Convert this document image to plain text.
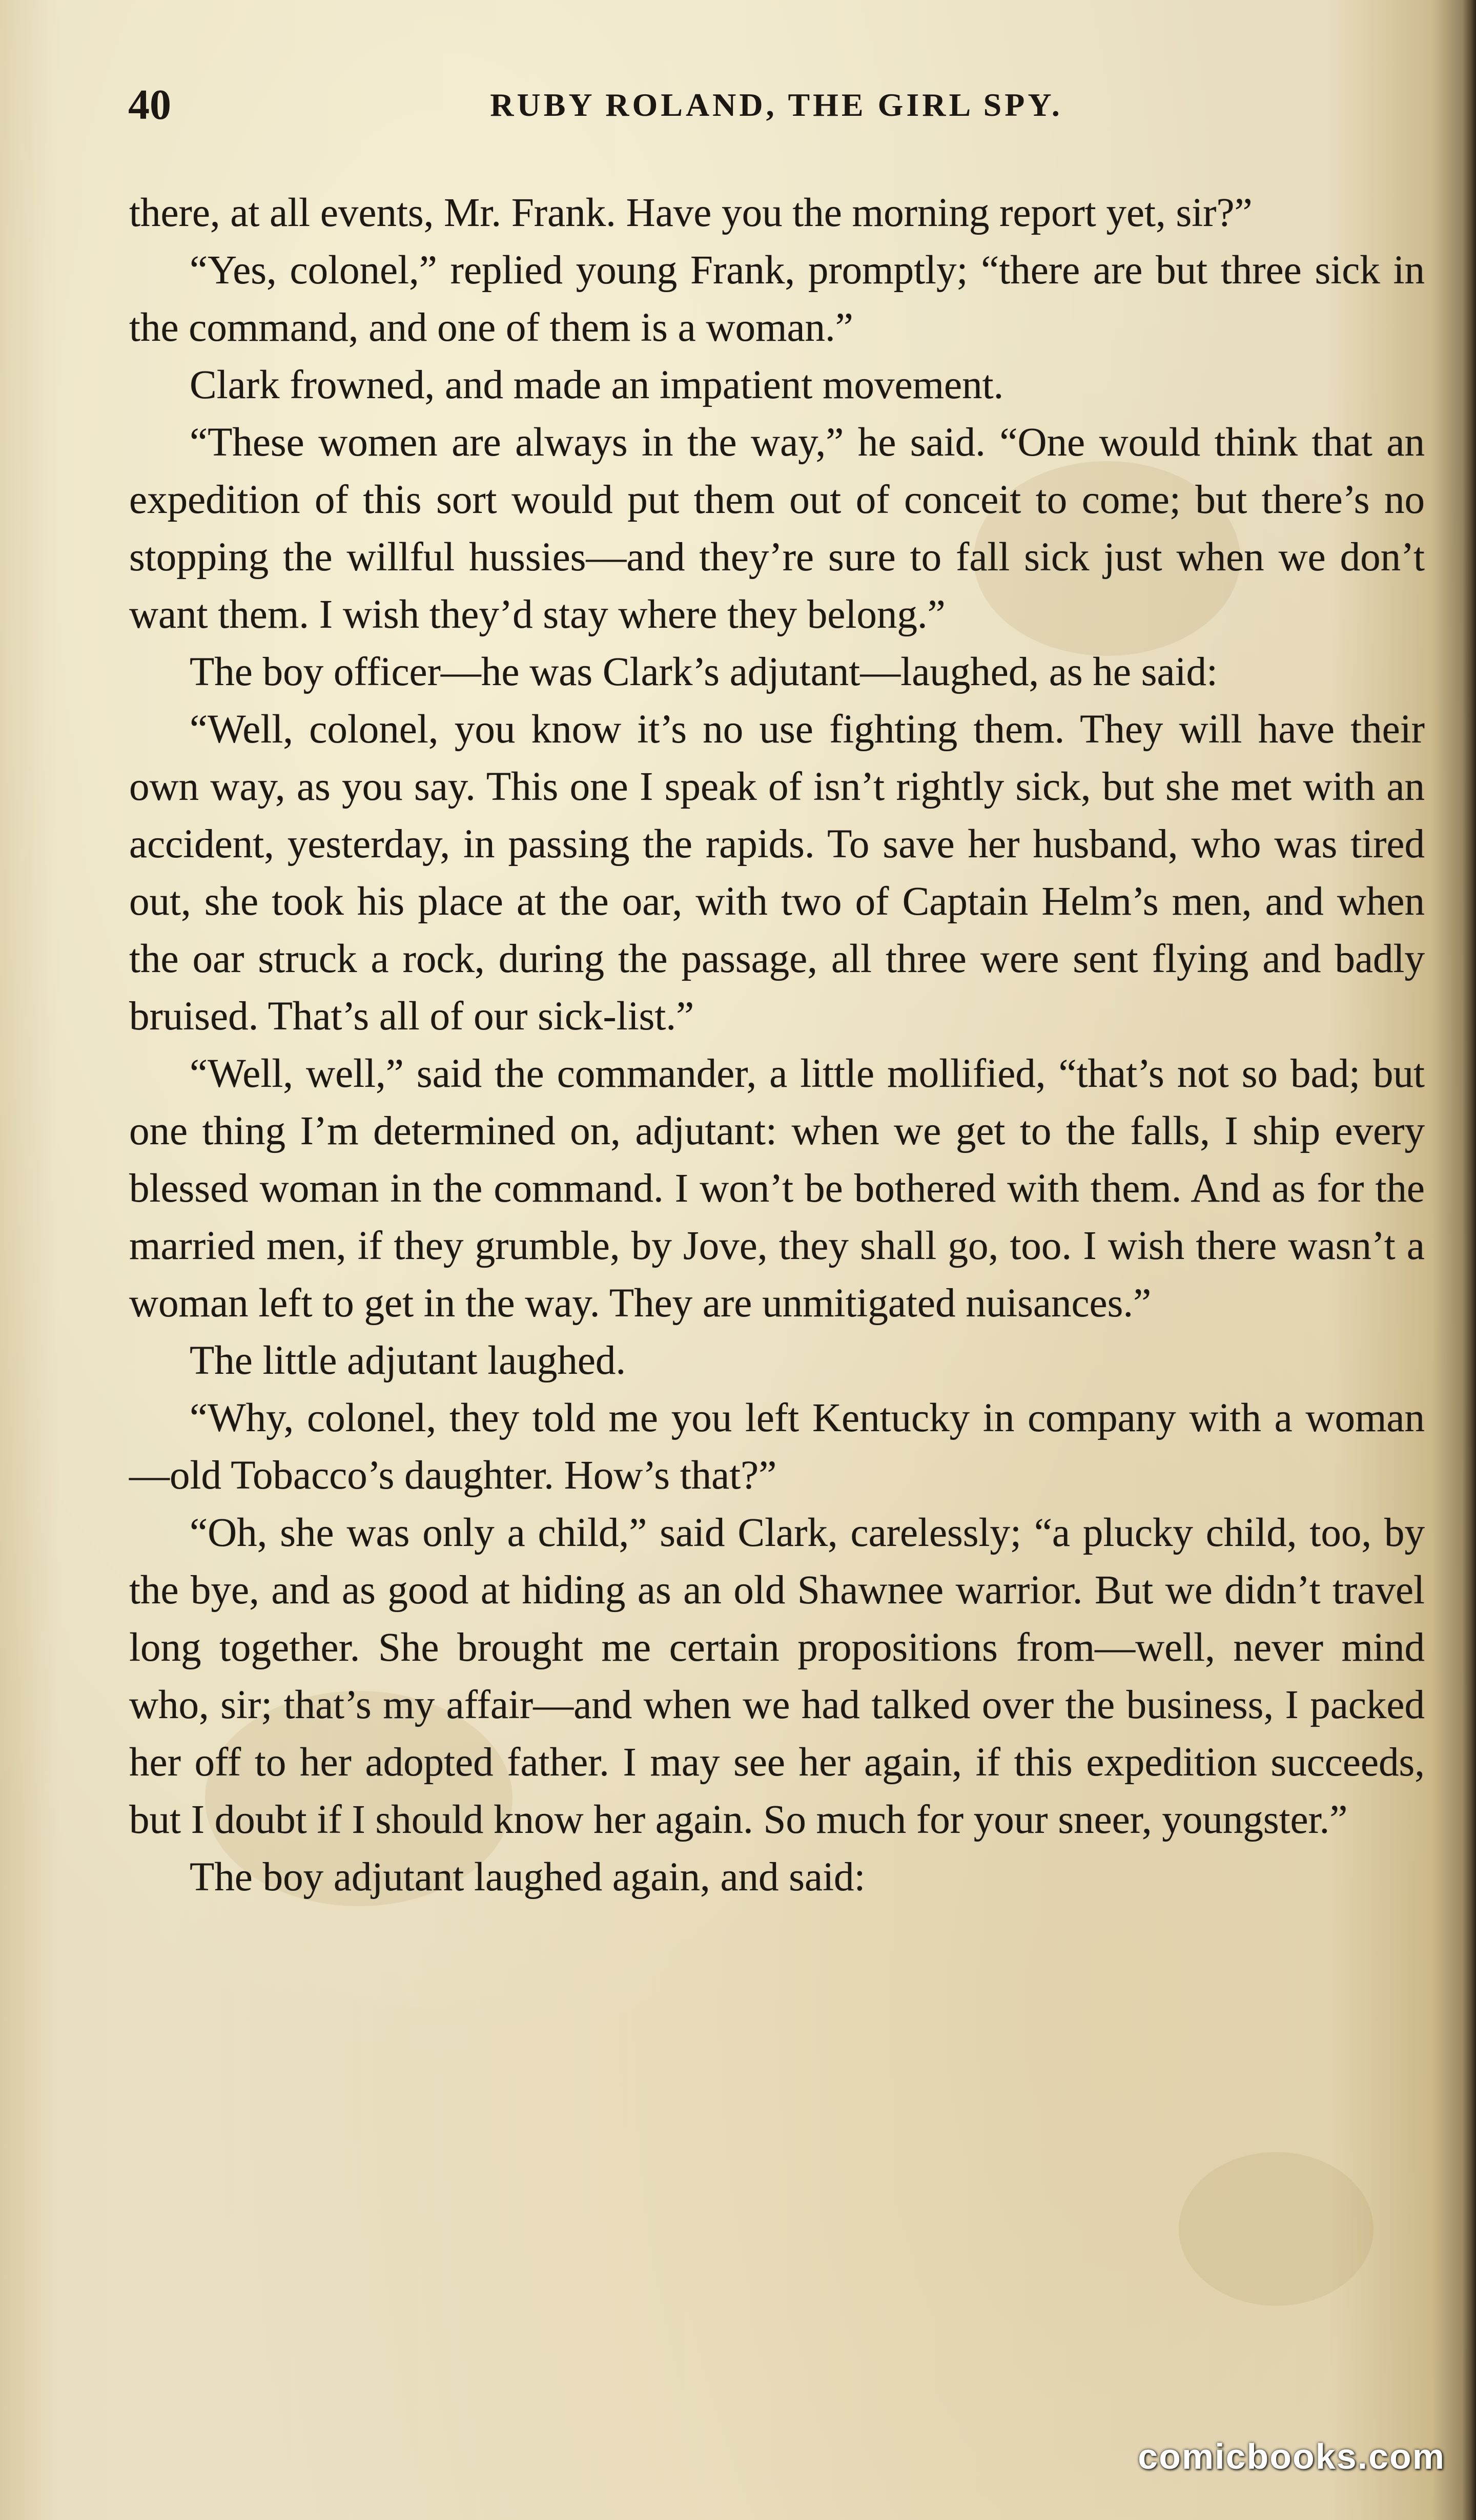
40	RUBY ROLAND, THE GIRL SPY.

there, at all events, Mr. Frank. Have you the morning report yet, sir?”

“Yes, colonel,” replied young Frank, promptly; “there are but three sick in the command, and one of them is a woman.”

Clark frowned, and made an impatient movement.

“These women are always in the way,” he said. “One would think that an expedition of this sort would put them out of conceit to come; but there’s no stopping the willful hussies—and they’re sure to fall sick just when we don’t want them. I wish they’d stay where they belong.”

The boy officer—he was Clark’s adjutant—laughed, as he said:

“Well, colonel, you know it’s no use fighting them. They will have their own way, as you say. This one I speak of isn’t rightly sick, but she met with an accident, yesterday, in passing the rapids. To save her husband, who was tired out, she took his place at the oar, with two of Captain Helm’s men, and when the oar struck a rock, during the passage, all three were sent flying and badly bruised. That’s all of our sick-list.”

“Well, well,” said the commander, a little mollified, “that’s not so bad; but one thing I’m determined on, adjutant: when we get to the falls, I ship every blessed woman in the command. I won’t be bothered with them. And as for the married men, if they grumble, by Jove, they shall go, too. I wish there wasn’t a woman left to get in the way. They are unmitigated nuisances.”

The little adjutant laughed.

“Why, colonel, they told me you left Kentucky in company with a woman—old Tobacco’s daughter. How’s that?”

“Oh, she was only a child,” said Clark, carelessly; “a plucky child, too, by the bye, and as good at hiding as an old Shawnee warrior. But we didn’t travel long together. She brought me certain propositions from—well, never mind who, sir; that’s my affair—and when we had talked over the business, I packed her off to her adopted father. I may see her again, if this expedition succeeds, but I doubt if I should know her again. So much for your sneer, youngster.”

The boy adjutant laughed again, and said:

comicbooks.com
